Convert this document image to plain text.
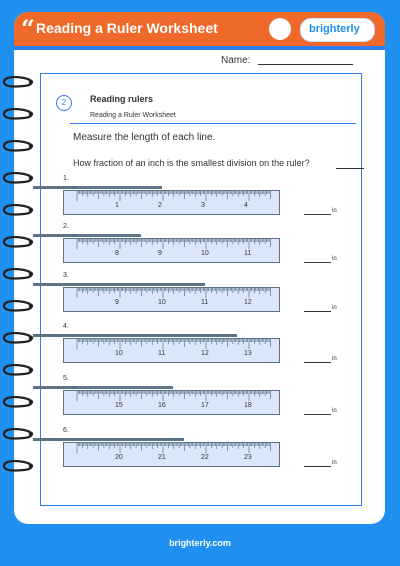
“ Reading a Ruler Worksheet	brighterly
Name:
2	Reading rulers
Reading a Ruler Worksheet
Measure the length of each line.
How fraction of an inch is the smallest division on the ruler?
1.
1	2	3	4
in
2.
8	9	10	11
in
3.
9	10	11	12
in
4.
10	11	12	13
in
5.
15	16	17	18
in
6.
20	21	22	23
in
brighterly.com
